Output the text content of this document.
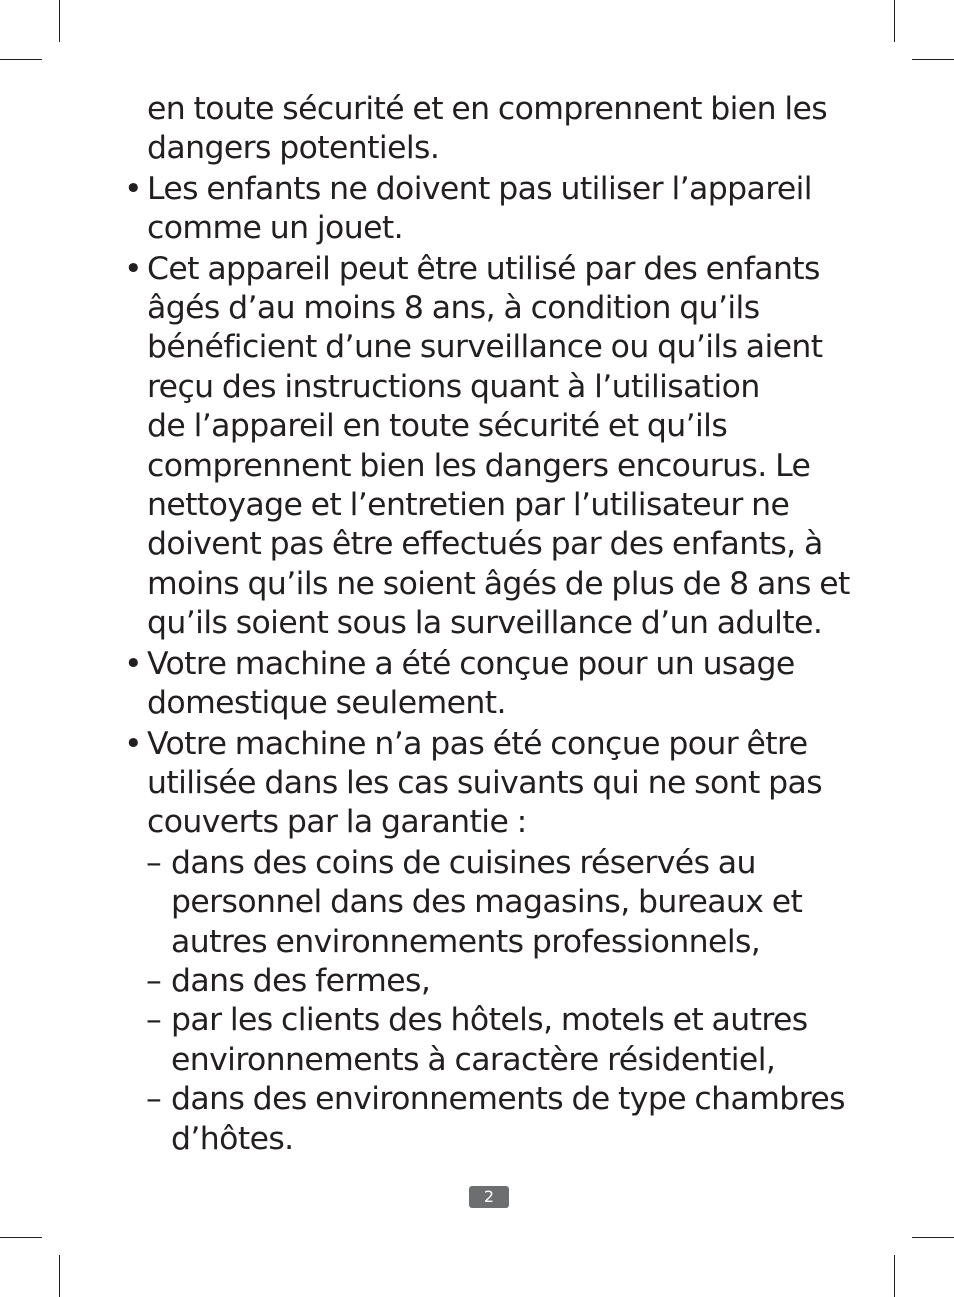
en toute sécurité et en comprennent bien les
dangers potentiels.
• Les enfants ne doivent pas utiliser l’appareil
comme un jouet.
• Cet appareil peut être utilisé par des enfants
âgés d’au moins 8 ans, à condition qu’ils
bénéficient d’une surveillance ou qu’ils aient
reçu des instructions quant à l’utilisation
de l’appareil en toute sécurité et qu’ils
comprennent bien les dangers encourus. Le
nettoyage et l’entretien par l’utilisateur ne
doivent pas être effectués par des enfants, à
moins qu’ils ne soient âgés de plus de 8 ans et
qu’ils soient sous la surveillance d’un adulte.
• Votre machine a été conçue pour un usage
domestique seulement.
• Votre machine n’a pas été conçue pour être
utilisée dans les cas suivants qui ne sont pas
couverts par la garantie :
– dans des coins de cuisines réservés au
personnel dans des magasins, bureaux et
autres environnements professionnels,
– dans des fermes,
– par les clients des hôtels, motels et autres
environnements à caractère résidentiel,
– dans des environnements de type chambres
d’hôtes.
2
